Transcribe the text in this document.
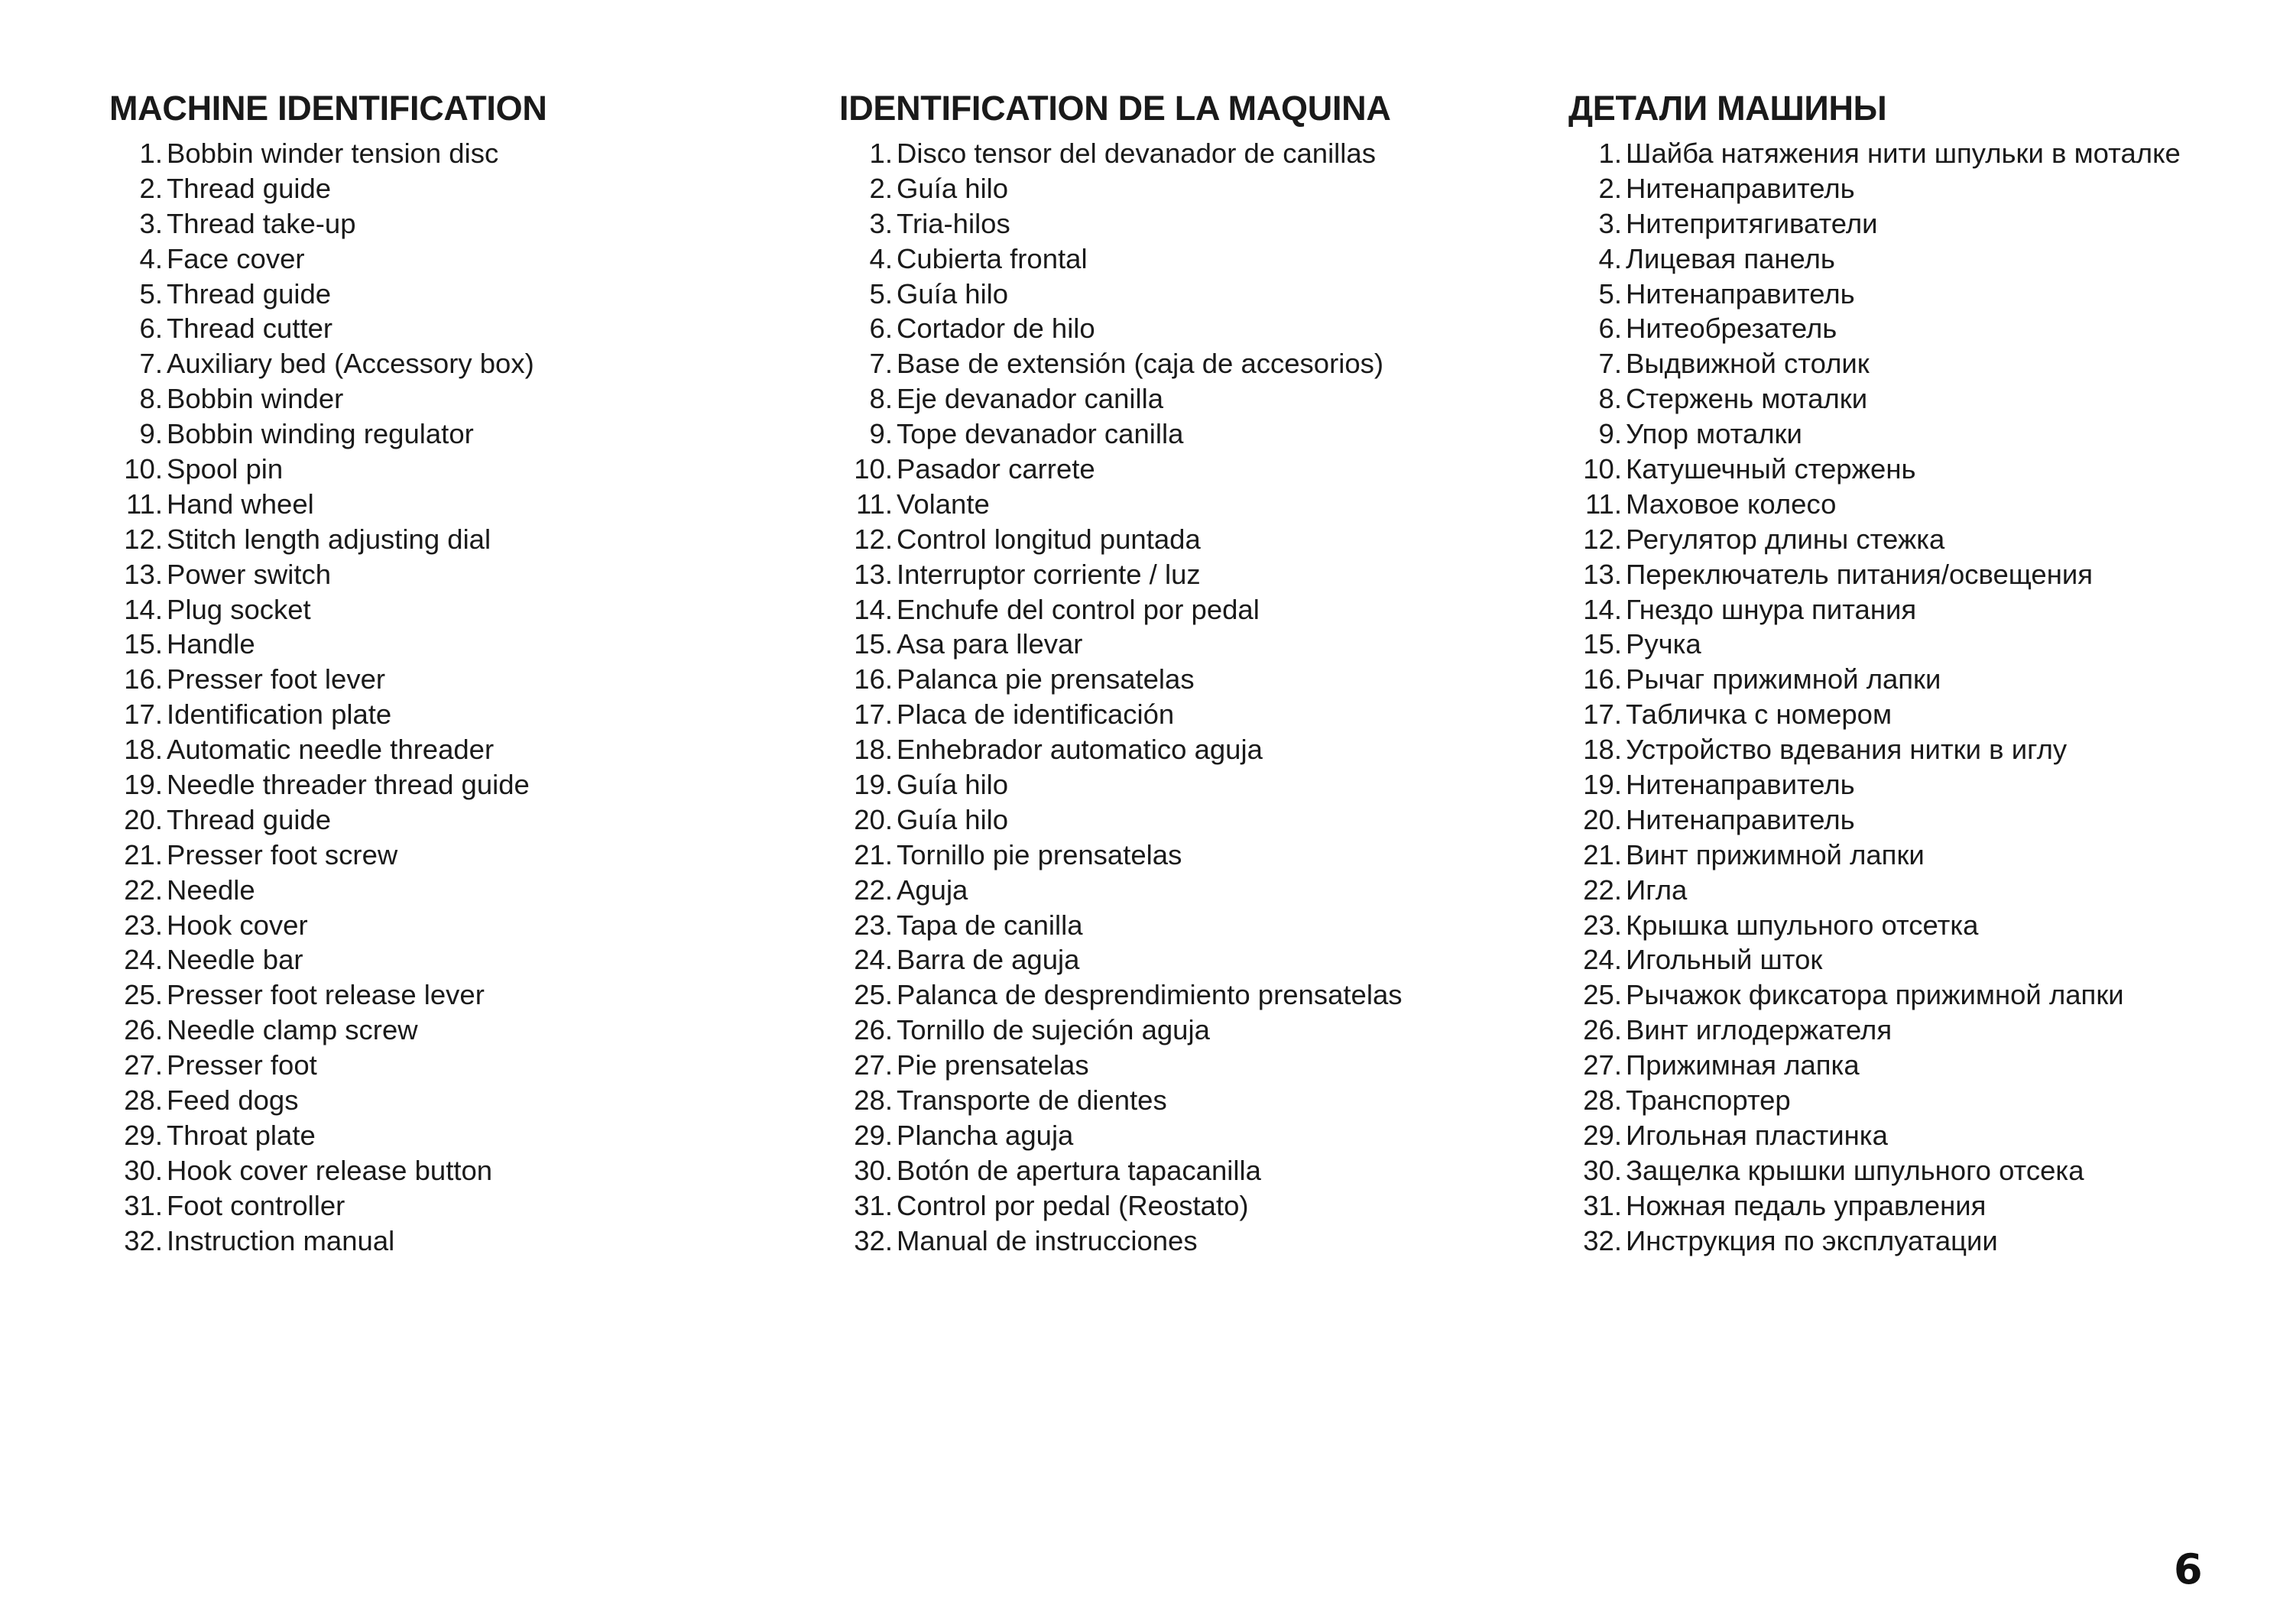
MACHINE IDENTIFICATION
1. Bobbin winder tension disc
2. Thread guide
3. Thread take-up
4. Face cover
5. Thread guide
6. Thread cutter
7. Auxiliary bed (Accessory box)
8. Bobbin winder
9. Bobbin winding regulator
10. Spool pin
11. Hand wheel
12. Stitch length adjusting dial
13. Power switch
14. Plug socket
15. Handle
16. Presser foot lever
17. Identification plate
18. Automatic needle threader
19. Needle threader thread guide
20. Thread guide
21. Presser foot screw
22. Needle
23. Hook cover
24. Needle bar
25. Presser foot release lever
26. Needle clamp screw
27. Presser foot
28. Feed dogs
29. Throat plate
30. Hook cover release button
31. Foot controller
32. Instruction manual
IDENTIFICATION DE LA MAQUINA
1. Disco tensor del devanador de canillas
2. Guía hilo
3. Tria-hilos
4. Cubierta frontal
5. Guía hilo
6. Cortador de hilo
7. Base de extensión (caja de accesorios)
8. Eje devanador canilla
9. Tope devanador canilla
10. Pasador carrete
11. Volante
12. Control longitud puntada
13. Interruptor corriente / luz
14. Enchufe del control por pedal
15. Asa para llevar
16. Palanca pie prensatelas
17. Placa de identificación
18. Enhebrador automatico aguja
19. Guía hilo
20. Guía hilo
21. Tornillo pie prensatelas
22. Aguja
23. Tapa de canilla
24. Barra de aguja
25. Palanca de desprendimiento prensatelas
26. Tornillo de sujeción aguja
27. Pie prensatelas
28. Transporte de dientes
29. Plancha aguja
30. Botón de apertura tapacanilla
31. Control por pedal (Reostato)
32. Manual de instrucciones
ДЕТАЛИ МАШИНЫ
1. Шайба натяжения нити шпульки в моталке
2. Нитенаправитель
3. Нитепритягиватели
4. Лицевая панель
5. Нитенаправитель
6. Нитеобрезатель
7. Выдвижной столик
8. Стержень моталки
9. Упор моталки
10. Катушечный стержень
11. Маховое колесо
12. Регулятор длины стежка
13. Переключатель питания/освещения
14. Гнездо шнура питания
15. Ручка
16. Рычаг прижимной лапки
17. Табличка с номером
18. Устройство вдевания нитки в иглу
19. Нитенаправитель
20. Нитенаправитель
21. Винт прижимной лапки
22. Игла
23. Крышка шпульного отсетка
24. Игольный шток
25. Рычажок фиксатора прижимной лапки
26. Винт иглодержателя
27. Прижимная лапка
28. Транспортер
29. Игольная пластинка
30. Защелка крышки шпульного отсека
31. Ножная педаль управления
32. Инструкция по эксплуатации
6
